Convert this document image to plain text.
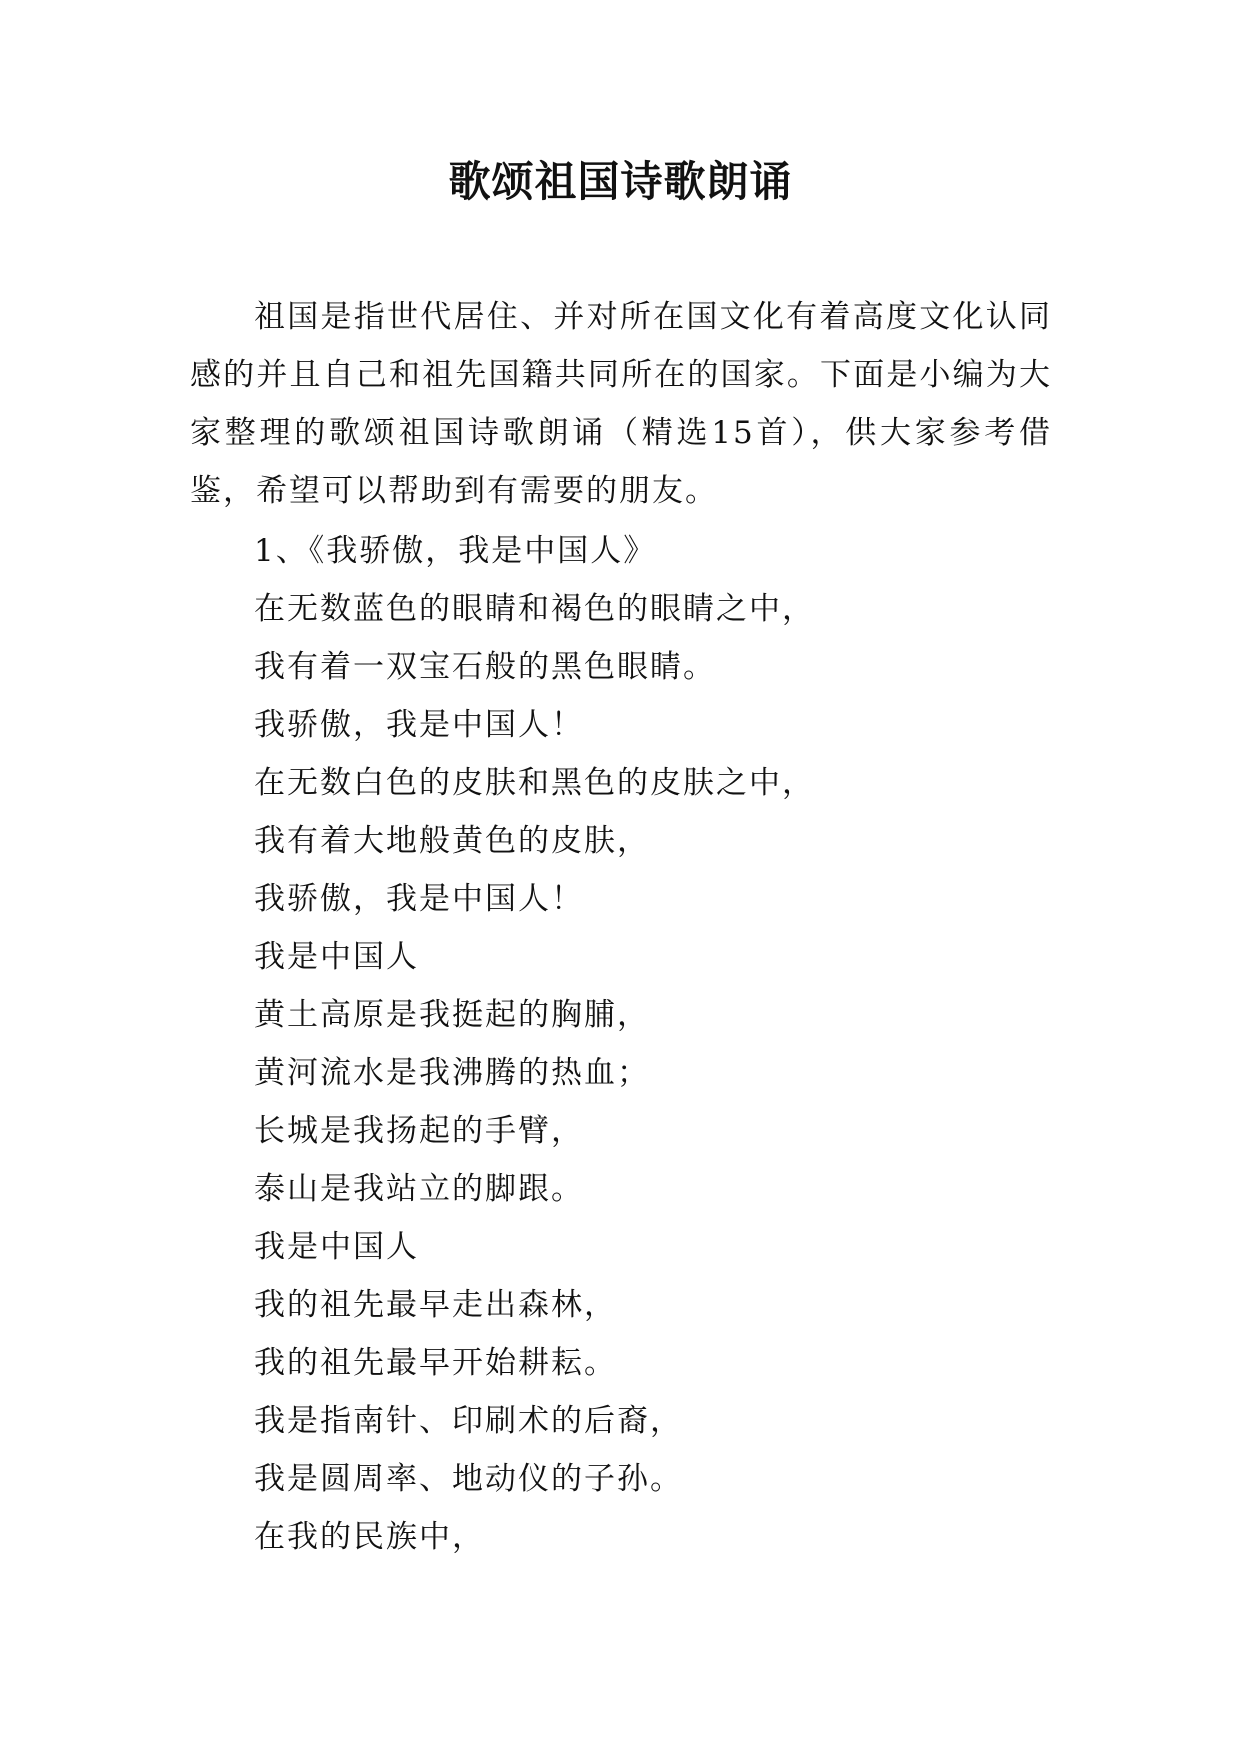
歌颂祖国诗歌朗诵

祖国是指世代居住、并对所在国文化有着高度文化认同感的并且自己和祖先国籍共同所在的国家。下面是小编为大家整理的歌颂祖国诗歌朗诵（精选15首），供大家参考借鉴，希望可以帮助到有需要的朋友。

1、《我骄傲，我是中国人》
在无数蓝色的眼睛和褐色的眼睛之中，
我有着一双宝石般的黑色眼睛。
我骄傲，我是中国人！
在无数白色的皮肤和黑色的皮肤之中，
我有着大地般黄色的皮肤，
我骄傲，我是中国人！
我是中国人
黄土高原是我挺起的胸脯，
黄河流水是我沸腾的热血；
长城是我扬起的手臂，
泰山是我站立的脚跟。
我是中国人
我的祖先最早走出森林，
我的祖先最早开始耕耘。
我是指南针、印刷术的后裔，
我是圆周率、地动仪的子孙。
在我的民族中，
